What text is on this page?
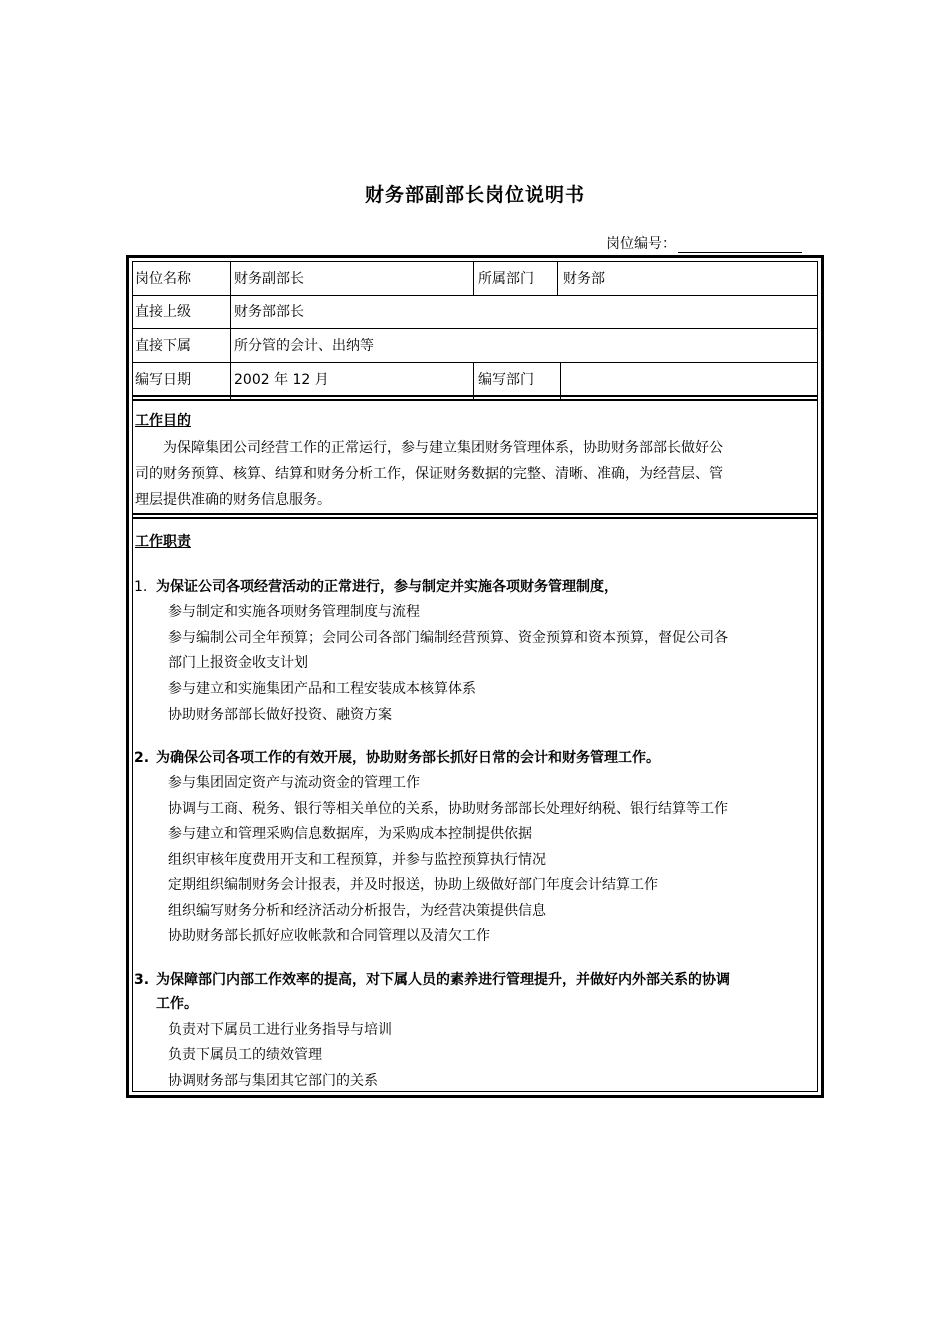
财务部副部长岗位说明书
岗位编号：
岗位名称	财务副部长	所属部门	财务部
直接上级	财务部部长
直接下属	所分管的会计、出纳等
编写日期	2002 年 12 月	编写部门
工作目的
为保障集团公司经营工作的正常运行，参与建立集团财务管理体系，协助财务部部长做好公
司的财务预算、核算、结算和财务分析工作，保证财务数据的完整、清晰、准确，为经营层、管
理层提供准确的财务信息服务。
工作职责
1. 为保证公司各项经营活动的正常进行，参与制定并实施各项财务管理制度，
参与制定和实施各项财务管理制度与流程
参与编制公司全年预算；会同公司各部门编制经营预算、资金预算和资本预算，督促公司各
部门上报资金收支计划
参与建立和实施集团产品和工程安装成本核算体系
协助财务部部长做好投资、融资方案
2. 为确保公司各项工作的有效开展，协助财务部长抓好日常的会计和财务管理工作。
参与集团固定资产与流动资金的管理工作
协调与工商、税务、银行等相关单位的关系，协助财务部部长处理好纳税、银行结算等工作
参与建立和管理采购信息数据库，为采购成本控制提供依据
组织审核年度费用开支和工程预算，并参与监控预算执行情况
定期组织编制财务会计报表，并及时报送，协助上级做好部门年度会计结算工作
组织编写财务分析和经济活动分析报告，为经营决策提供信息
协助财务部长抓好应收帐款和合同管理以及清欠工作
3. 为保障部门内部工作效率的提高，对下属人员的素养进行管理提升，并做好内外部关系的协调
工作。
负责对下属员工进行业务指导与培训
负责下属员工的绩效管理
协调财务部与集团其它部门的关系
